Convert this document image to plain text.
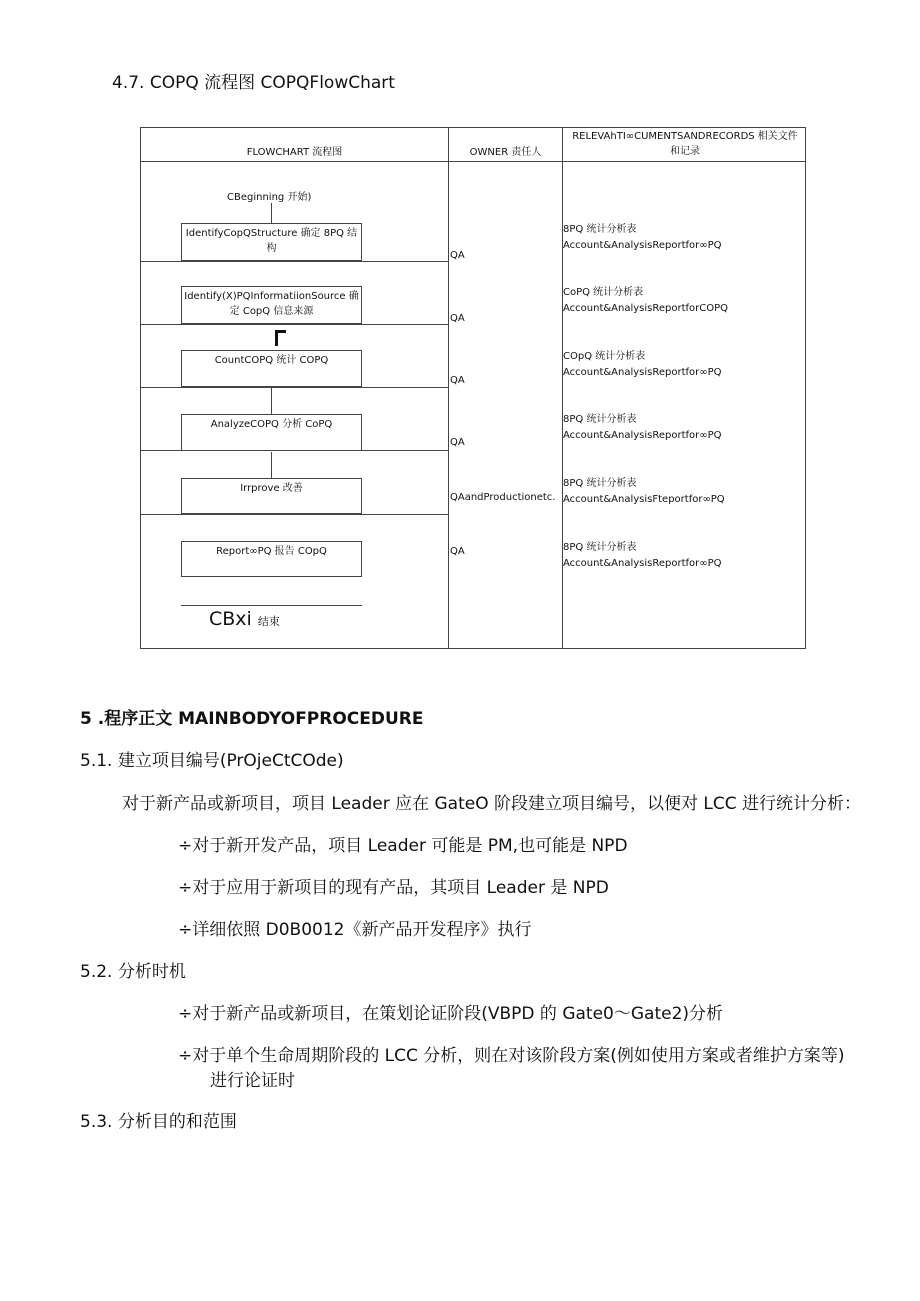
4.7. COPQ 流程图 COPQFlowChart
FLOWCHART 流程图	OWNER 责任人
RELEVAhTI∞CUMENTSANDRECORDS 相关文件
和记录
CBeginning 开始)
IdentifyCopQStructure 确定 8PQ 结
构
Identify(X)PQInformatiionSource 确
定 CopQ 信息来源
CountCOPQ 统计 COPQ
AnalyzeCOPQ 分析 CoPQ
Irrprove 改善
Report∞PQ 报告 COpQ
CBxi 结束
QA
QA
QA
QA
QAandProductionetc.
QA
8PQ 统计分析表
Account&AnalysisReportfor∞PQ
CoPQ 统计分析表
Account&AnalysisReportforCOPQ
COpQ 统计分析表
Account&AnalysisReportfor∞PQ
8PQ 统计分析表
Account&AnalysisReportfor∞PQ
8PQ 统计分析表
Account&AnalysisFteportfor∞PQ
8PQ 统计分析表
Account&AnalysisReportfor∞PQ
5 .程序正文 MAINBODYOFPROCEDURE
5.1. 建立项目编号(PrOjeCtCOde)
对于新产品或新项目，项目 Leader 应在 GateO 阶段建立项目编号，以便对 LCC 进行统计分析：
÷对于新开发产品，项目 Leader 可能是 PM,也可能是 NPD
÷对于应用于新项目的现有产品，其项目 Leader 是 NPD
÷详细依照 D0B0012《新产品开发程序》执行
5.2. 分析时机
÷对于新产品或新项目，在策划论证阶段(VBPD 的 Gate0～Gate2)分析
÷对于单个生命周期阶段的 LCC 分析，则在对该阶段方案(例如使用方案或者维护方案等)
进行论证时
5.3. 分析目的和范围
